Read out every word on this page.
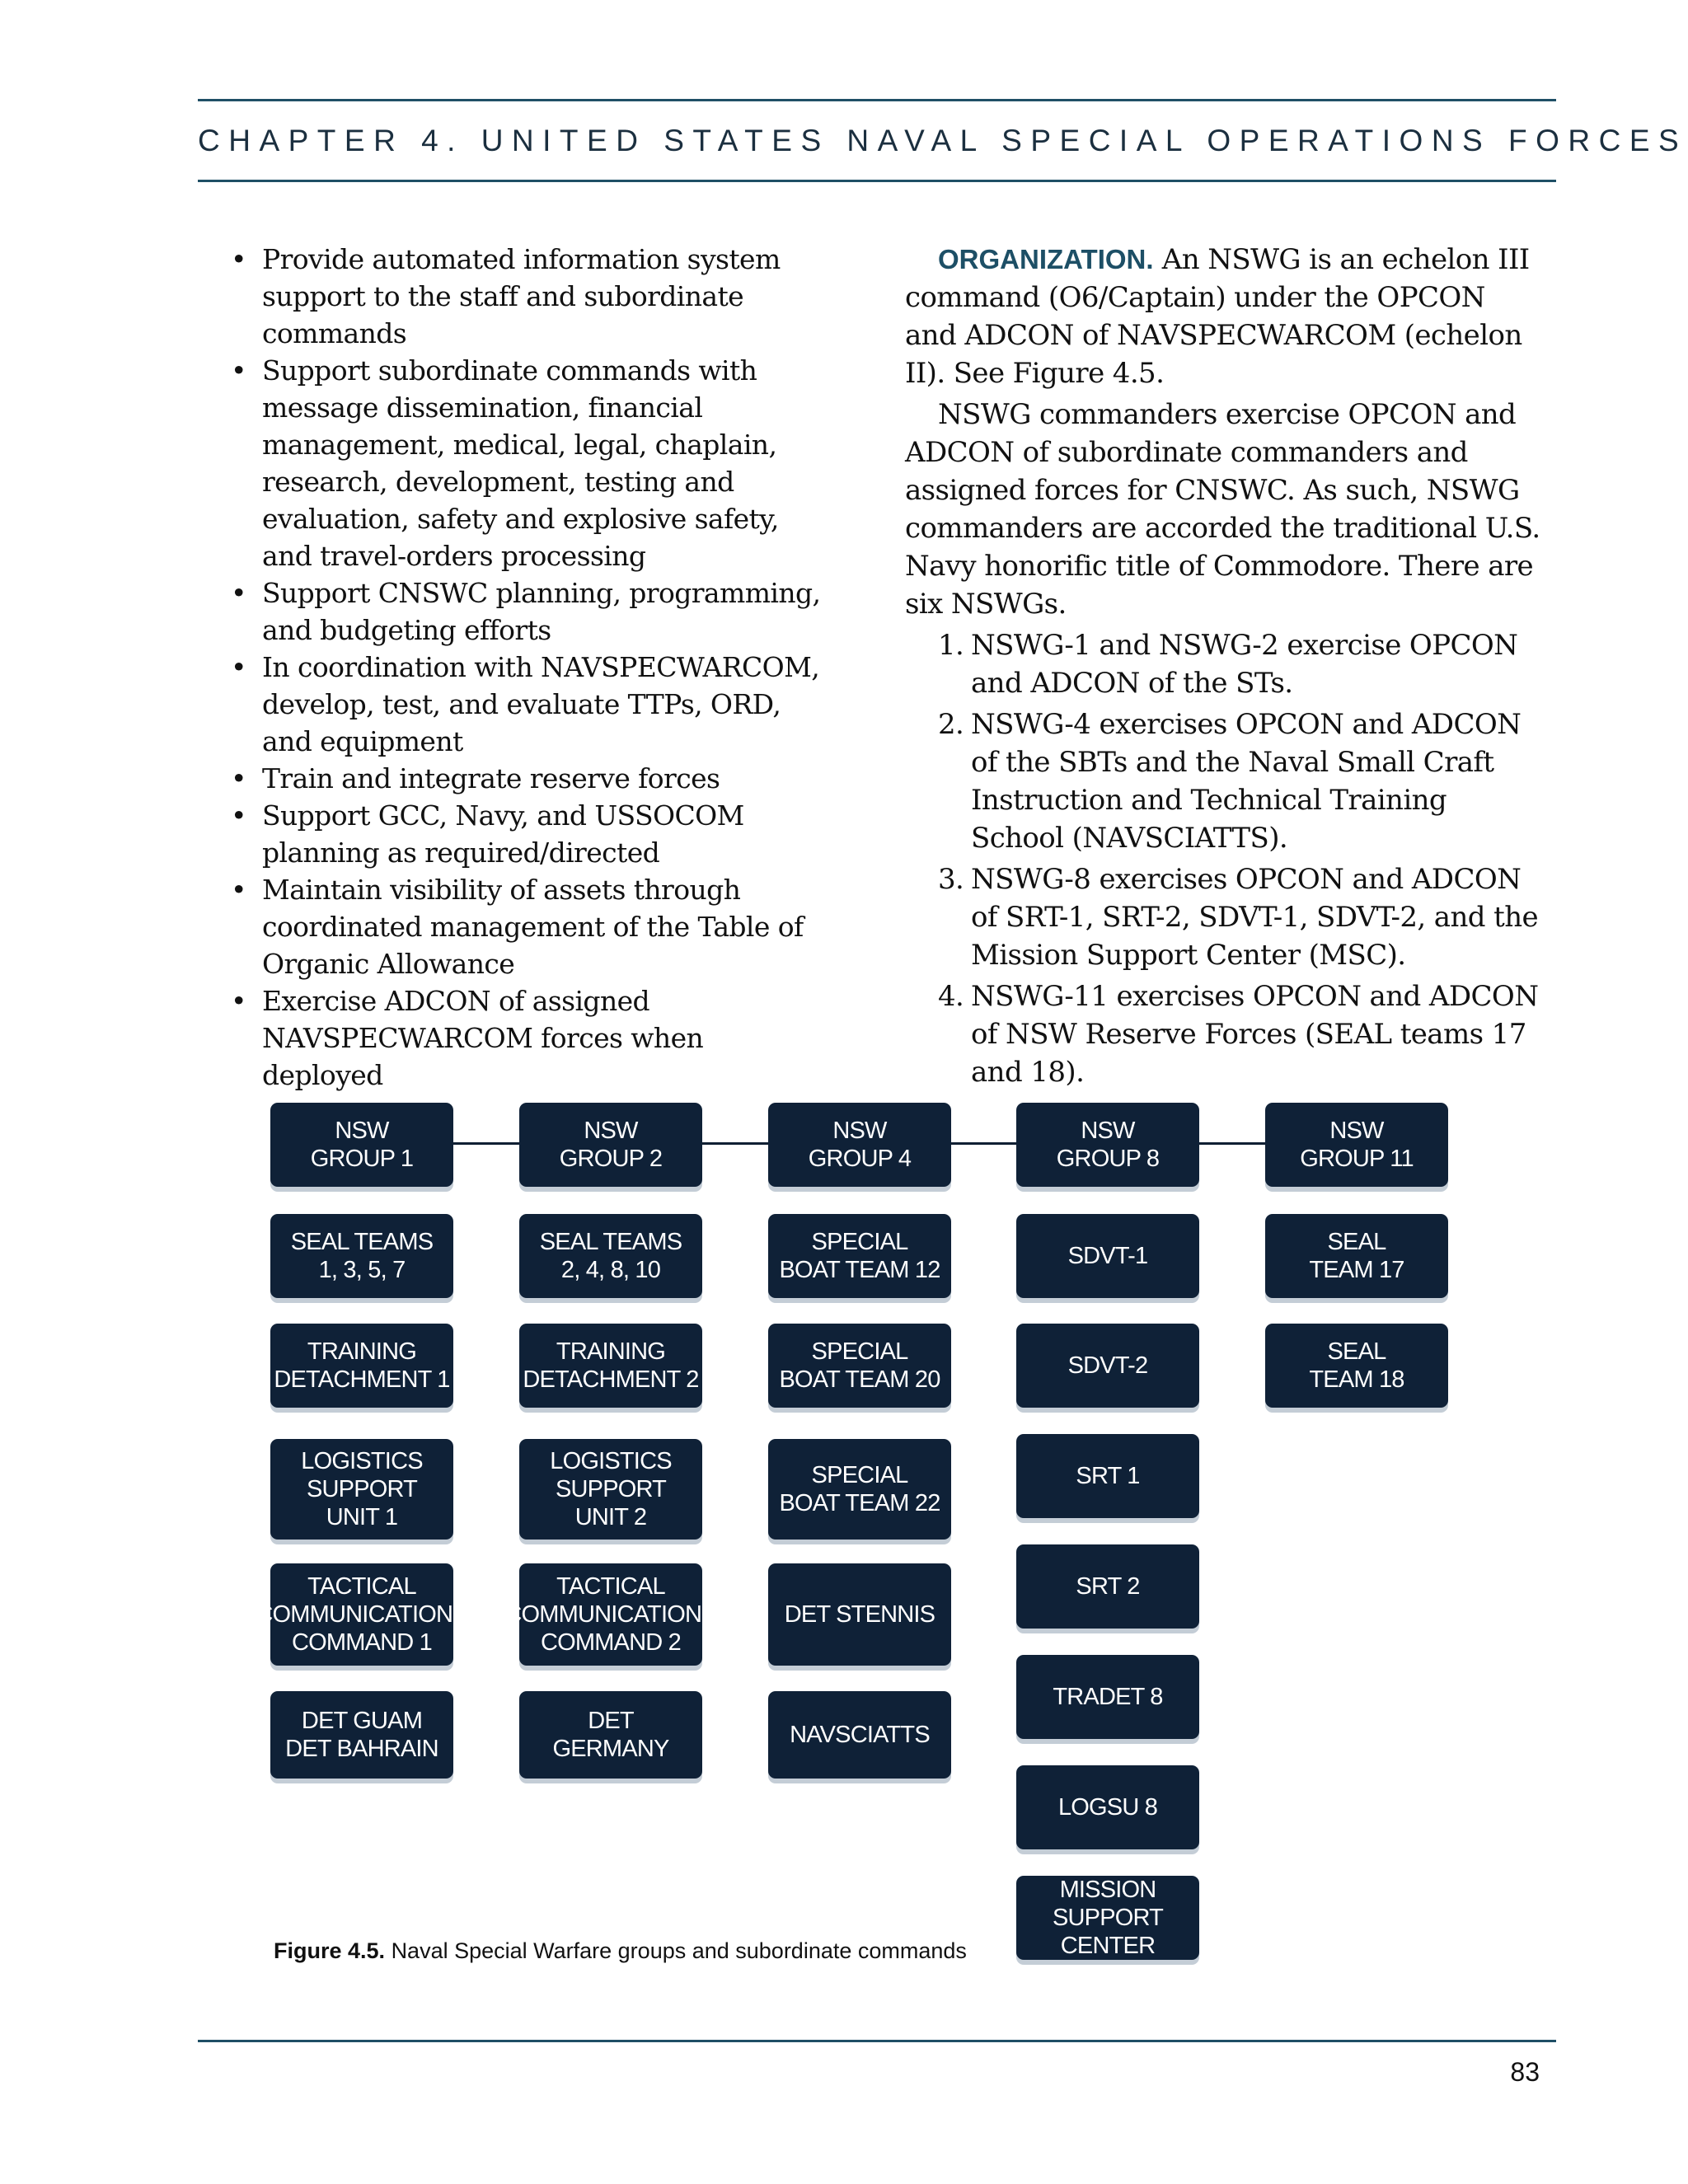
CHAPTER 4. UNITED STATES NAVAL SPECIAL OPERATIONS FORCES
• Provide automated information system support to the staff and subordinate commands
• Support subordinate commands with message dissemination, financial management, medical, legal, chaplain, research, development, testing and evaluation, safety and explosive safety, and travel-orders processing
• Support CNSWC planning, programming, and budgeting efforts
• In coordination with NAVSPECWARCOM, develop, test, and evaluate TTPs, ORD, and equipment
• Train and integrate reserve forces
• Support GCC, Navy, and USSOCOM planning as required/directed
• Maintain visibility of assets through coordinated management of the Table of Organic Allowance
• Exercise ADCON of assigned NAVSPECWARCOM forces when deployed

ORGANIZATION. An NSWG is an echelon III command (O6/Captain) under the OPCON and ADCON of NAVSPECWARCOM (echelon II). See Figure 4.5.

NSWG commanders exercise OPCON and ADCON of subordinate commanders and assigned forces for CNSWC. As such, NSWG commanders are accorded the traditional U.S. Navy honorific title of Commodore. There are six NSWGs.

1. NSWG-1 and NSWG-2 exercise OPCON and ADCON of the STs.
2. NSWG-4 exercises OPCON and ADCON of the SBTs and the Naval Small Craft Instruction and Technical Training School (NAVSCIATTS).
3. NSWG-8 exercises OPCON and ADCON of SRT-1, SRT-2, SDVT-1, SDVT-2, and the Mission Support Center (MSC).
4. NSWG-11 exercises OPCON and ADCON of NSW Reserve Forces (SEAL teams 17 and 18).
NSW
GROUP 1
SEAL TEAMS
1, 3, 5, 7
TRAINING
DETACHMENT 1
LOGISTICS
SUPPORT
UNIT 1
TACTICAL
COMMUNICATIONS
COMMAND 1
DET GUAM
DET BAHRAIN
NSW
GROUP 2
SEAL TEAMS
2, 4, 8, 10
TRAINING
DETACHMENT 2
LOGISTICS
SUPPORT
UNIT 2
TACTICAL
COMMUNICATIONS
COMMAND 2
DET
GERMANY
NSW
GROUP 4
SPECIAL
BOAT TEAM 12
SPECIAL
BOAT TEAM 20
SPECIAL
BOAT TEAM 22
DET STENNIS
NAVSCIATTS
NSW
GROUP 8
SDVT-1
SDVT-2
SRT 1
SRT 2
TRADET 8
LOGSU 8
MISSION SUPPORT
CENTER
NSW
GROUP 11
SEAL
TEAM 17
SEAL
TEAM 18
Figure 4.5. Naval Special Warfare groups and subordinate commands
83
